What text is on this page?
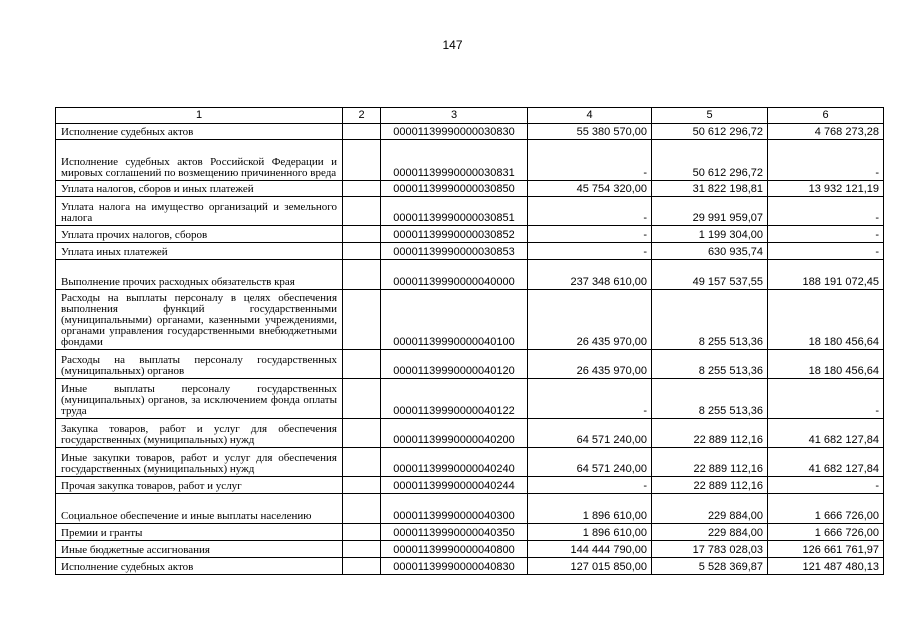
147
1	2	3	4	5	6
Исполнение судебных актов		00001139990000030830	55 380 570,00	50 612 296,72	4 768 273,28
Исполнение судебных актов Российской Федерации и мировых соглашений по возмещению причиненного вреда		00001139990000030831	-	50 612 296,72	-
Уплата налогов, сборов и иных платежей		00001139990000030850	45 754 320,00	31 822 198,81	13 932 121,19
Уплата налога на имущество организаций и земельного налога		00001139990000030851	-	29 991 959,07	-
Уплата прочих налогов, сборов		00001139990000030852	-	1 199 304,00	-
Уплата иных платежей		00001139990000030853	-	630 935,74	-
Выполнение прочих расходных обязательств края		00001139990000040000	237 348 610,00	49 157 537,55	188 191 072,45
Расходы на выплаты персоналу в целях обеспечения выполнения функций государственными (муниципальными) органами, казенными учреждениями, органами управления государственными внебюджетными фондами		00001139990000040100	26 435 970,00	8 255 513,36	18 180 456,64
Расходы на выплаты персоналу государственных (муниципальных) органов		00001139990000040120	26 435 970,00	8 255 513,36	18 180 456,64
Иные выплаты персоналу государственных (муниципальных) органов, за исключением фонда оплаты труда		00001139990000040122	-	8 255 513,36	-
Закупка товаров, работ и услуг для обеспечения государственных (муниципальных) нужд		00001139990000040200	64 571 240,00	22 889 112,16	41 682 127,84
Иные закупки товаров, работ и услуг для обеспечения государственных (муниципальных) нужд		00001139990000040240	64 571 240,00	22 889 112,16	41 682 127,84
Прочая закупка товаров, работ и услуг		00001139990000040244	-	22 889 112,16	-
Социальное обеспечение и иные выплаты населению		00001139990000040300	1 896 610,00	229 884,00	1 666 726,00
Премии и гранты		00001139990000040350	1 896 610,00	229 884,00	1 666 726,00
Иные бюджетные ассигнования		00001139990000040800	144 444 790,00	17 783 028,03	126 661 761,97
Исполнение судебных актов		00001139990000040830	127 015 850,00	5 528 369,87	121 487 480,13
